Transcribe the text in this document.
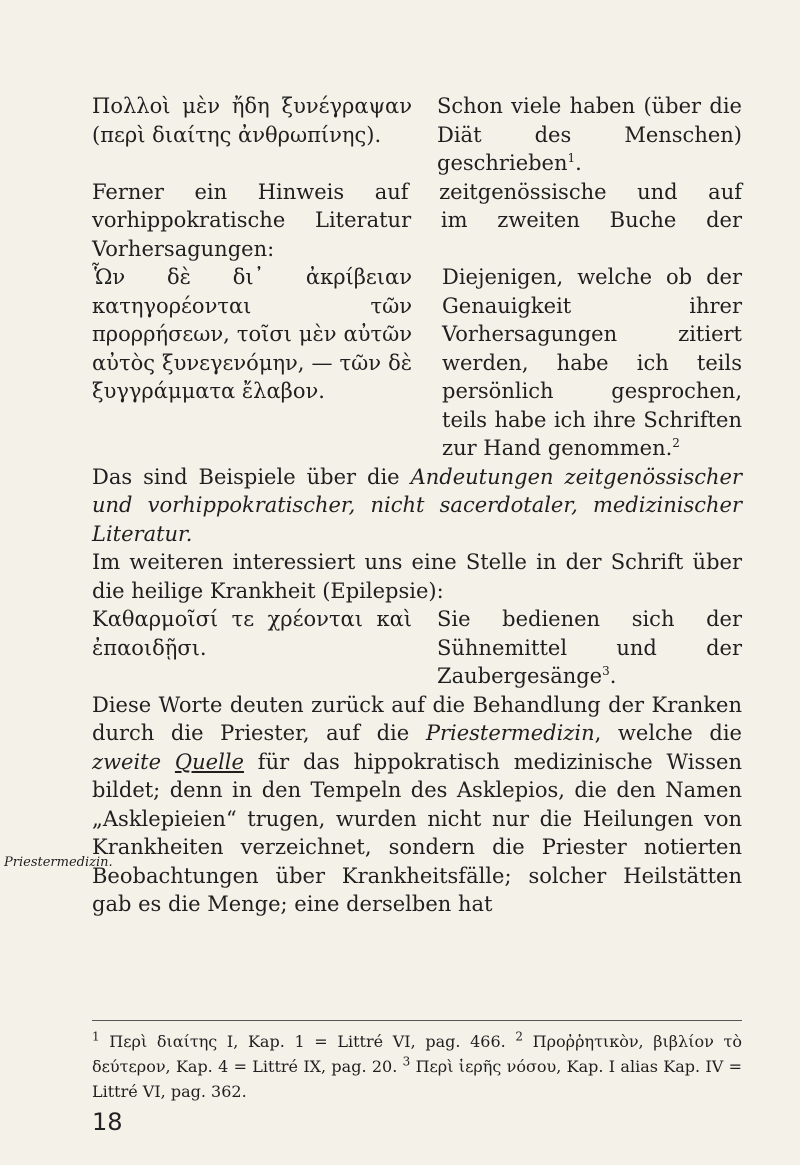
Πολλοὶ μὲν ἤδη ξυνέγραψαν (περὶ διαίτης ἀνθρωπίνης).
Schon viele haben (über die Diät des Menschen) geschrieben$^1$.

Ferner ein Hinweis auf zeitgenössische und auf vorhippokratische Literatur im zweiten Buche der Vorhersagungen:

Ὧν δὲ δι᾽ ἀκρίβειαν κατηγορέονται τῶν προρρήσεων, τοῖσι μὲν αὐτῶν αὐτὸς ξυνεγενόμην, — τῶν δὲ ξυγγράμματα ἔλαβον.
Diejenigen, welche ob der Genauigkeit ihrer Vorhersagungen zitiert werden, habe ich teils persönlich gesprochen, teils habe ich ihre Schriften zur Hand genommen.$^2$

Das sind Beispiele über die Andeutungen zeitgenössischer und vorhippokratischer, nicht sacerdotaler, medizinischer Literatur.

Im weiteren interessiert uns eine Stelle in der Schrift über die heilige Krankheit (Epilepsie):

Καθαρμοῖσί τε χρέονται καὶ ἐπαοιδῇσι.
Sie bedienen sich der Sühnemittel und der Zaubergesänge$^3$.

Diese Worte deuten zurück auf die Behandlung der Kranken durch die Priester, auf die Priestermedizin, welche die zweite Quelle für das hippokratisch medizinische Wissen bildet; denn in den Tempeln des Asklepios, die den Namen „Asklepieien“ trugen, wurden nicht nur die Heilungen von Krankheiten verzeichnet, sondern die Priester notierten Beobachtungen über Krankheitsfälle; solcher Heilstätten gab es die Menge; eine derselben hat

Priestermedizin.
$^1$ Περὶ διαίτης I, Kap. 1 = Littré VI, pag. 466. $^2$ Προῤῥητικὸν, βιβλίον τὸ δεύτερον, Kap. 4 = Littré IX, pag. 20. $^3$ Περὶ ἱερῆς νόσου, Kap. I alias Kap. IV = Littré VI, pag. 362.
18
